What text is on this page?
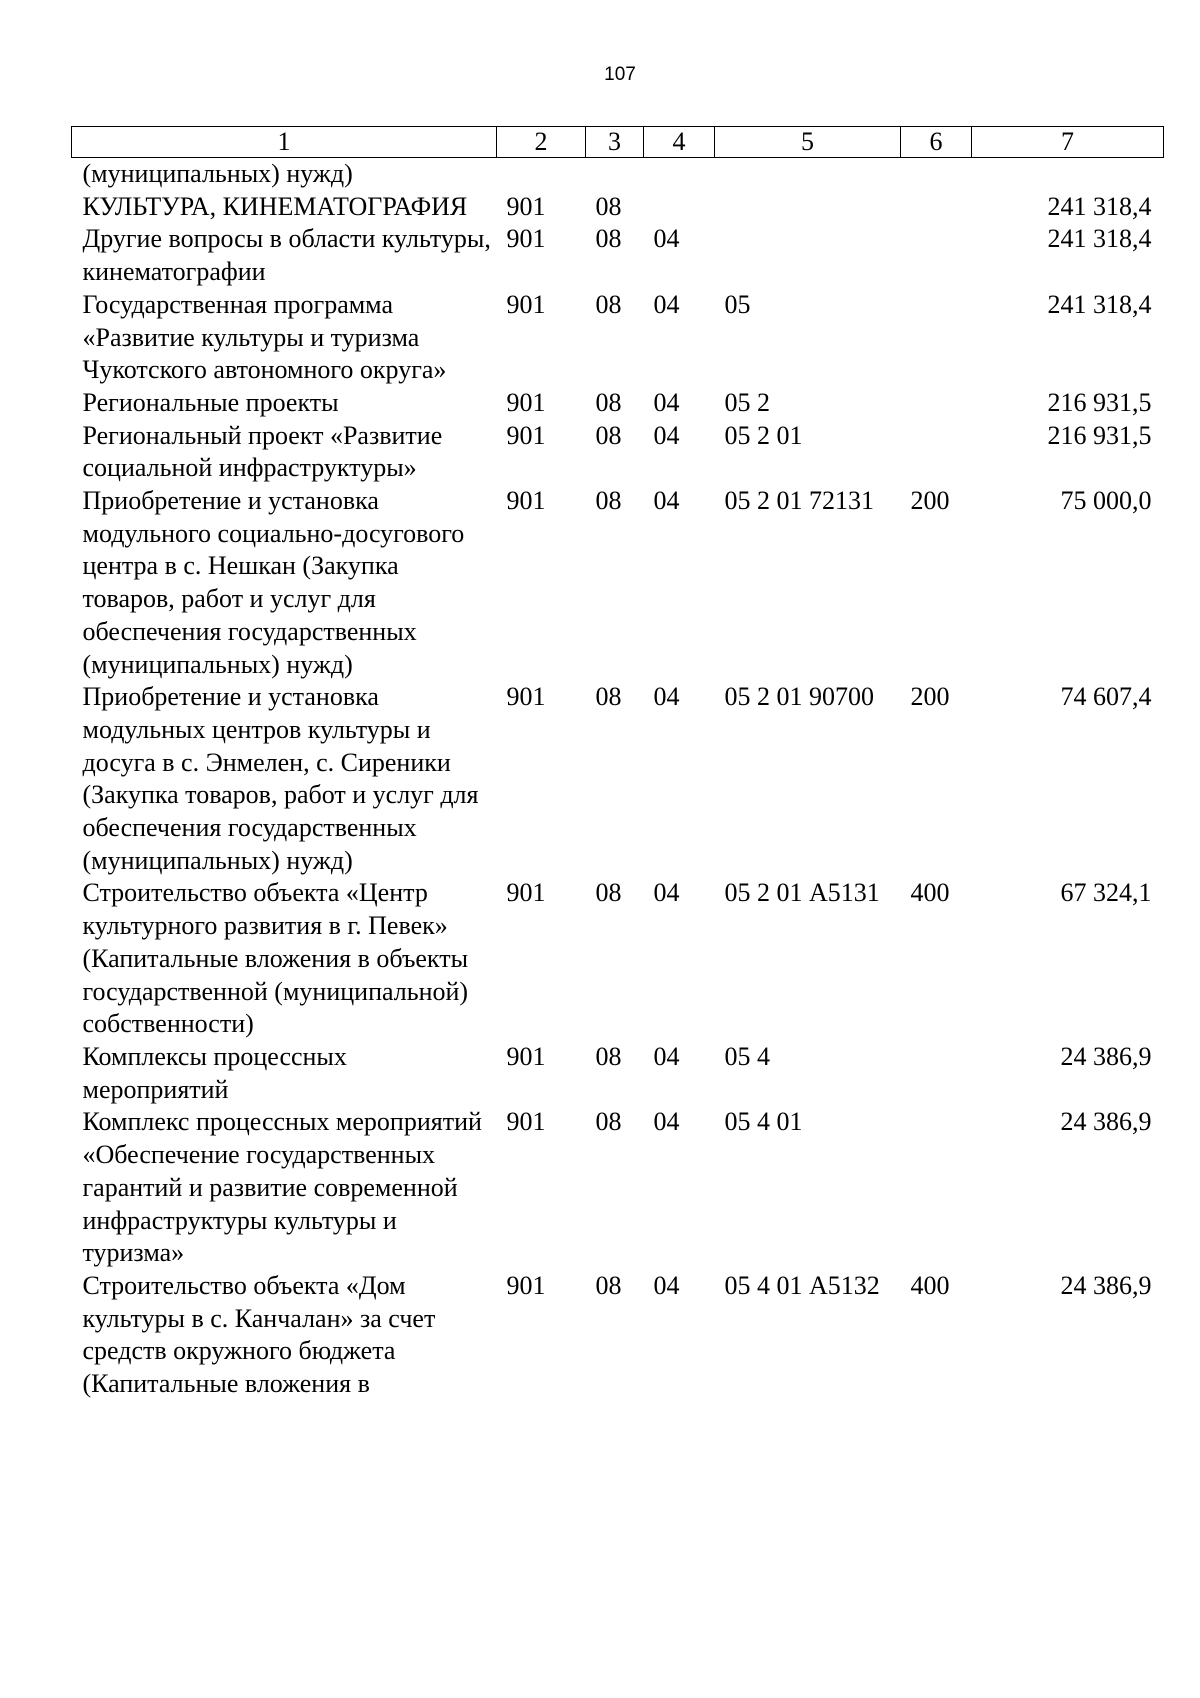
107
1	2	3	4	5	6	7
(муниципальных) нужд)						
КУЛЬТУРА, КИНЕМАТОГРАФИЯ	901	08				241 318,4
Другие вопросы в области культуры, кинематографии	901	08	04			241 318,4
Государственная программа «Развитие культуры и туризма Чукотского автономного округа»	901	08	04	05		241 318,4
Региональные проекты	901	08	04	05 2		216 931,5
Региональный проект «Развитие социальной инфраструктуры»	901	08	04	05 2 01		216 931,5
Приобретение и установка модульного социально-досугового центра в с. Нешкан (Закупка товаров, работ и услуг для обеспечения государственных (муниципальных) нужд)	901	08	04	05 2 01 72131	200	75 000,0
Приобретение и установка модульных центров культуры и досуга в с. Энмелен, с. Сиреники (Закупка товаров, работ и услуг для обеспечения государственных (муниципальных) нужд)	901	08	04	05 2 01 90700	200	74 607,4
Строительство объекта «Центр культурного развития в г. Певек» (Капитальные вложения в объекты государственной (муниципальной) собственности)	901	08	04	05 2 01 А5131	400	67 324,1
Комплексы процессных мероприятий	901	08	04	05 4		24 386,9
Комплекс процессных мероприятий «Обеспечение государственных гарантий и развитие современной инфраструктуры культуры и туризма»	901	08	04	05 4 01		24 386,9
Строительство объекта «Дом культуры в с. Канчалан» за счет средств окружного бюджета (Капитальные вложения в	901	08	04	05 4 01 А5132	400	24 386,9
